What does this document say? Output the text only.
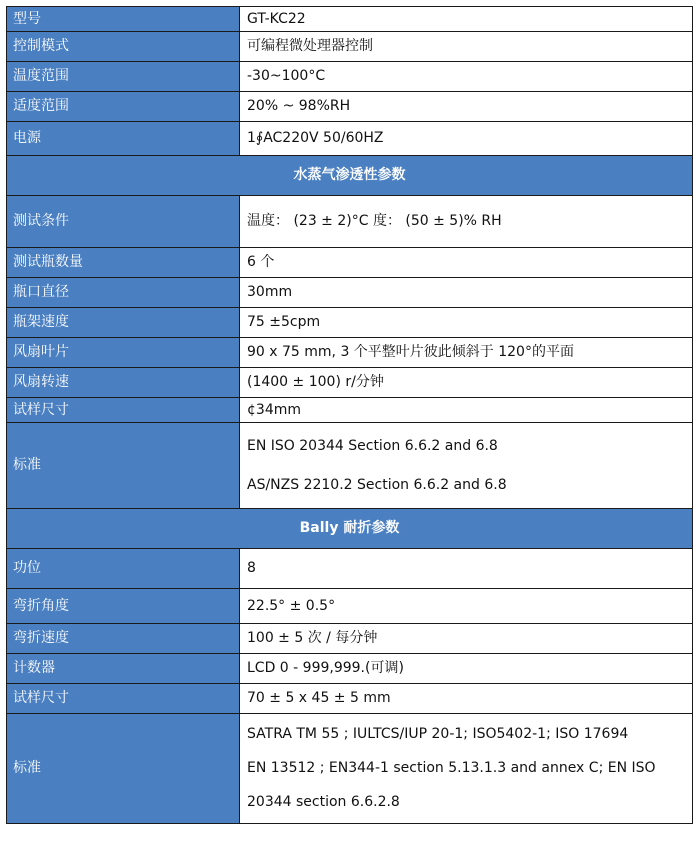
型号	GT-KC22
控制模式	可编程微处理器控制
温度范围	-30~100°C
适度范围	20% ~ 98%RH
电源	1∮AC220V 50/60HZ
水蒸气渗透性参数	
测试条件	温度： (23 ± 2)°C 度： (50 ± 5)% RH
测试瓶数量	6 个
瓶口直径	30mm
瓶架速度	75 ±5cpm
风扇叶片	90 x 75 mm, 3 个平整叶片彼此倾斜于 120°的平面
风扇转速	(1400 ± 100) r/分钟
试样尺寸	¢34mm
标准	EN ISO 20344 Section 6.6.2 and 6.8
AS/NZS 2210.2 Section 6.6.2 and 6.8

Bally 耐折参数	
功位	8
弯折角度	22.5° ± 0.5°
弯折速度	100 ± 5 次 / 每分钟
计数器	LCD 0 - 999,999.(可调)
试样尺寸	70 ± 5 x 45 ± 5 mm
标准	SATRA TM 55 ; IULTCS/IUP 20-1; ISO5402-1; ISO 17694
EN 13512 ; EN344-1 section 5.13.1.3 and annex C; EN ISO
20344 section 6.6.2.8
